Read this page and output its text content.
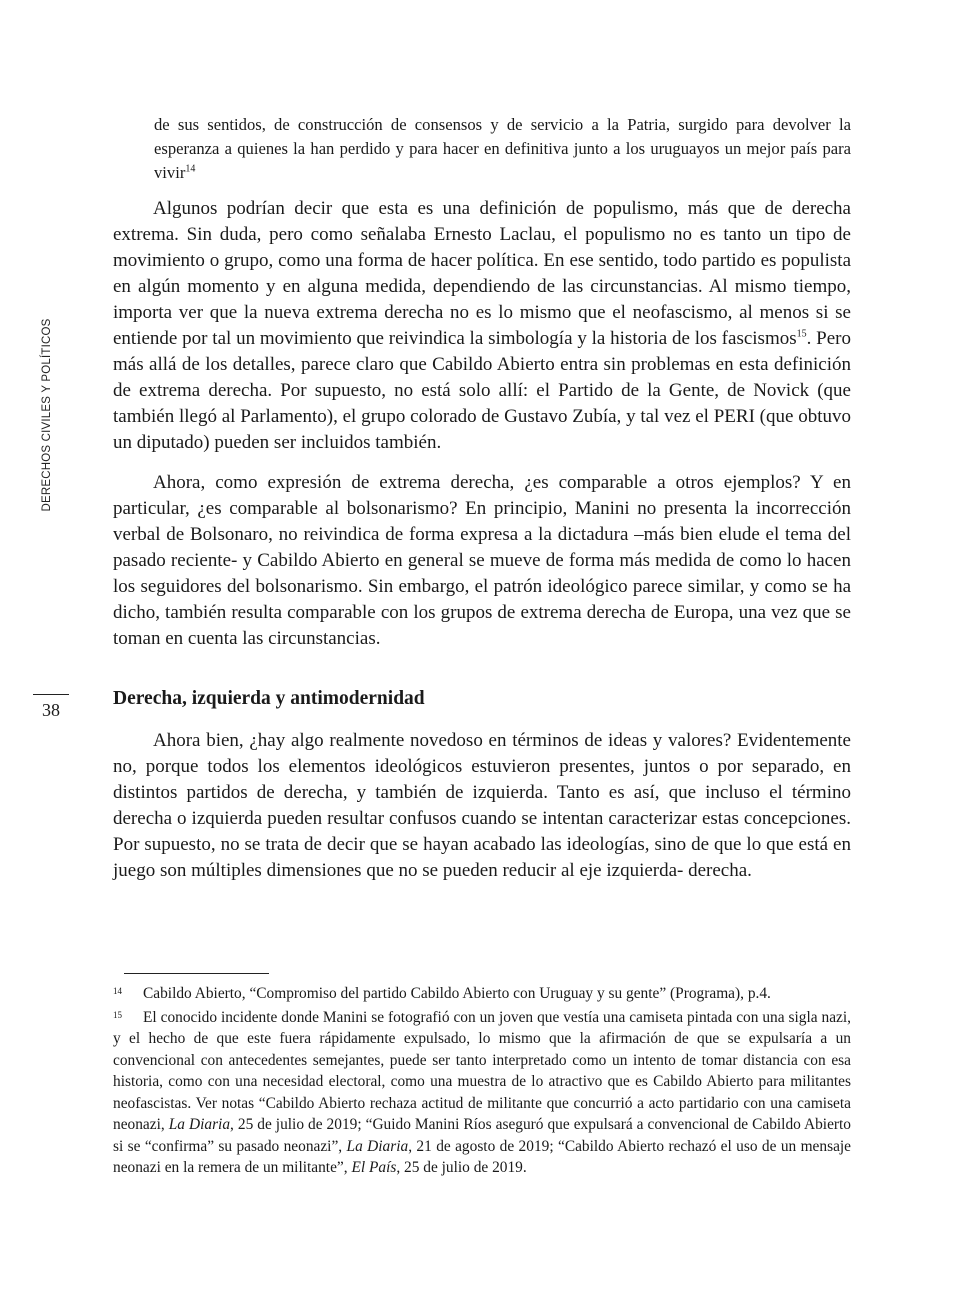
DERECHOS CIVILES Y POLÍTICOS
38

de sus sentidos, de construcción de consensos y de servicio a la Patria, surgido para devolver la esperanza a quienes la han perdido y para hacer en definitiva junto a los uruguayos un mejor país para vivir$^{14}$

Algunos podrían decir que esta es una definición de populismo, más que de derecha extrema. Sin duda, pero como señalaba Ernesto Laclau, el populismo no es tanto un tipo de movimiento o grupo, como una forma de hacer política. En ese sentido, todo partido es populista en algún momento y en alguna medida, dependiendo de las circunstancias. Al mismo tiempo, importa ver que la nueva extrema derecha no es lo mismo que el neofascismo, al menos si se entiende por tal un movimiento que reivindica la simbología y la historia de los fascismos$^{15}$. Pero más allá de los detalles, parece claro que Cabildo Abierto entra sin problemas en esta definición de extrema derecha. Por supuesto, no está solo allí: el Partido de la Gente, de Novick (que también llegó al Parlamento), el grupo colorado de Gustavo Zubía, y tal vez el PERI (que obtuvo un diputado) pueden ser incluidos también.

Ahora, como expresión de extrema derecha, ¿es comparable a otros ejemplos? Y en particular, ¿es comparable al bolsonarismo? En principio, Manini no presenta la incorrección verbal de Bolsonaro, no reivindica de forma expresa a la dictadura –más bien elude el tema del pasado reciente- y Cabildo Abierto en general se mueve de forma más medida de como lo hacen los seguidores del bolsonarismo. Sin embargo, el patrón ideológico parece similar, y como se ha dicho, también resulta comparable con los grupos de extrema derecha de Europa, una vez que se toman en cuenta las circunstancias.

Derecha, izquierda y antimodernidad

Ahora bien, ¿hay algo realmente novedoso en términos de ideas y valores? Evidentemente no, porque todos los elementos ideológicos estuvieron presentes, juntos o por separado, en distintos partidos de derecha, y también de izquierda. Tanto es así, que incluso el término derecha o izquierda pueden resultar confusos cuando se intentan caracterizar estas concepciones. Por supuesto, no se trata de decir que se hayan acabado las ideologías, sino de que lo que está en juego son múltiples dimensiones que no se pueden reducir al eje izquierda- derecha.

14 Cabildo Abierto, “Compromiso del partido Cabildo Abierto con Uruguay y su gente” (Programa), p.4.

15 El conocido incidente donde Manini se fotografió con un joven que vestía una camiseta pintada con una sigla nazi, y el hecho de que este fuera rápidamente expulsado, lo mismo que la afirmación de que se expulsaría a un convencional con antecedentes semejantes, puede ser tanto interpretado como un intento de tomar distancia con esa historia, como con una necesidad electoral, como una muestra de lo atractivo que es Cabildo Abierto para militantes neofascistas. Ver notas “Cabildo Abierto rechaza actitud de militante que concurrió a acto partidario con una camiseta neonazi, La Diaria, 25 de julio de 2019; “Guido Manini Ríos aseguró que expulsará a convencional de Cabildo Abierto si se “confirma” su pasado neonazi”, La Diaria, 21 de agosto de 2019; “Cabildo Abierto rechazó el uso de un mensaje neonazi en la remera de un militante”, El País, 25 de julio de 2019.
